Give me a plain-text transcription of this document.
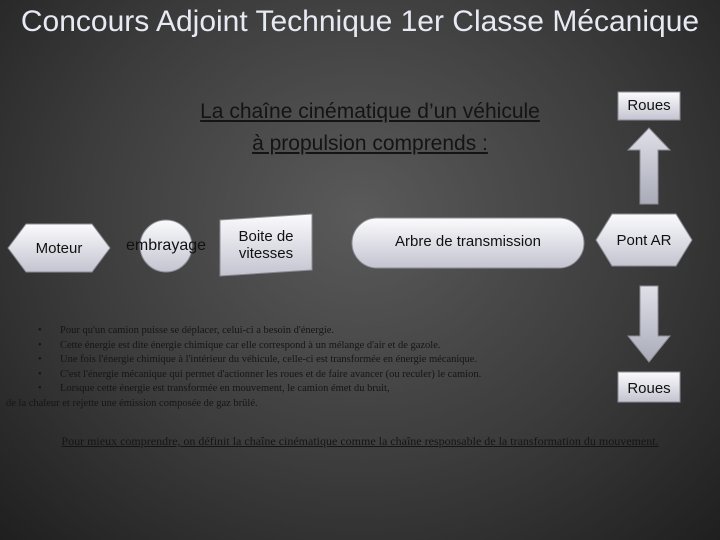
Concours Adjoint Technique 1er Classe Mécanique
La chaîne cinématique d’un véhicule
à propulsion comprends :
Moteur	embrayage
Boite de
vitesses
Arbre de transmission	Pont AR
Roues
Roues
• Pour qu'un camion puisse se déplacer, celui-ci a besoin d'énergie.
• Cette énergie est dite énergie chimique car elle correspond à un mélange d'air et de gazole.
• Une fois l'énergie chimique à l'intérieur du véhicule, celle-ci est transformée en énergie mécanique.
• C'est l'énergie mécanique qui permet d'actionner les roues et de faire avancer (ou reculer) le camion.
• Lorsque cette énergie est transformée en mouvement, le camion émet du bruit,
de la chaleur et rejette une émission composée de gaz brûlé.
Pour mieux comprendre, on définit la chaîne cinématique comme la chaîne responsable de la transformation du mouvement.
